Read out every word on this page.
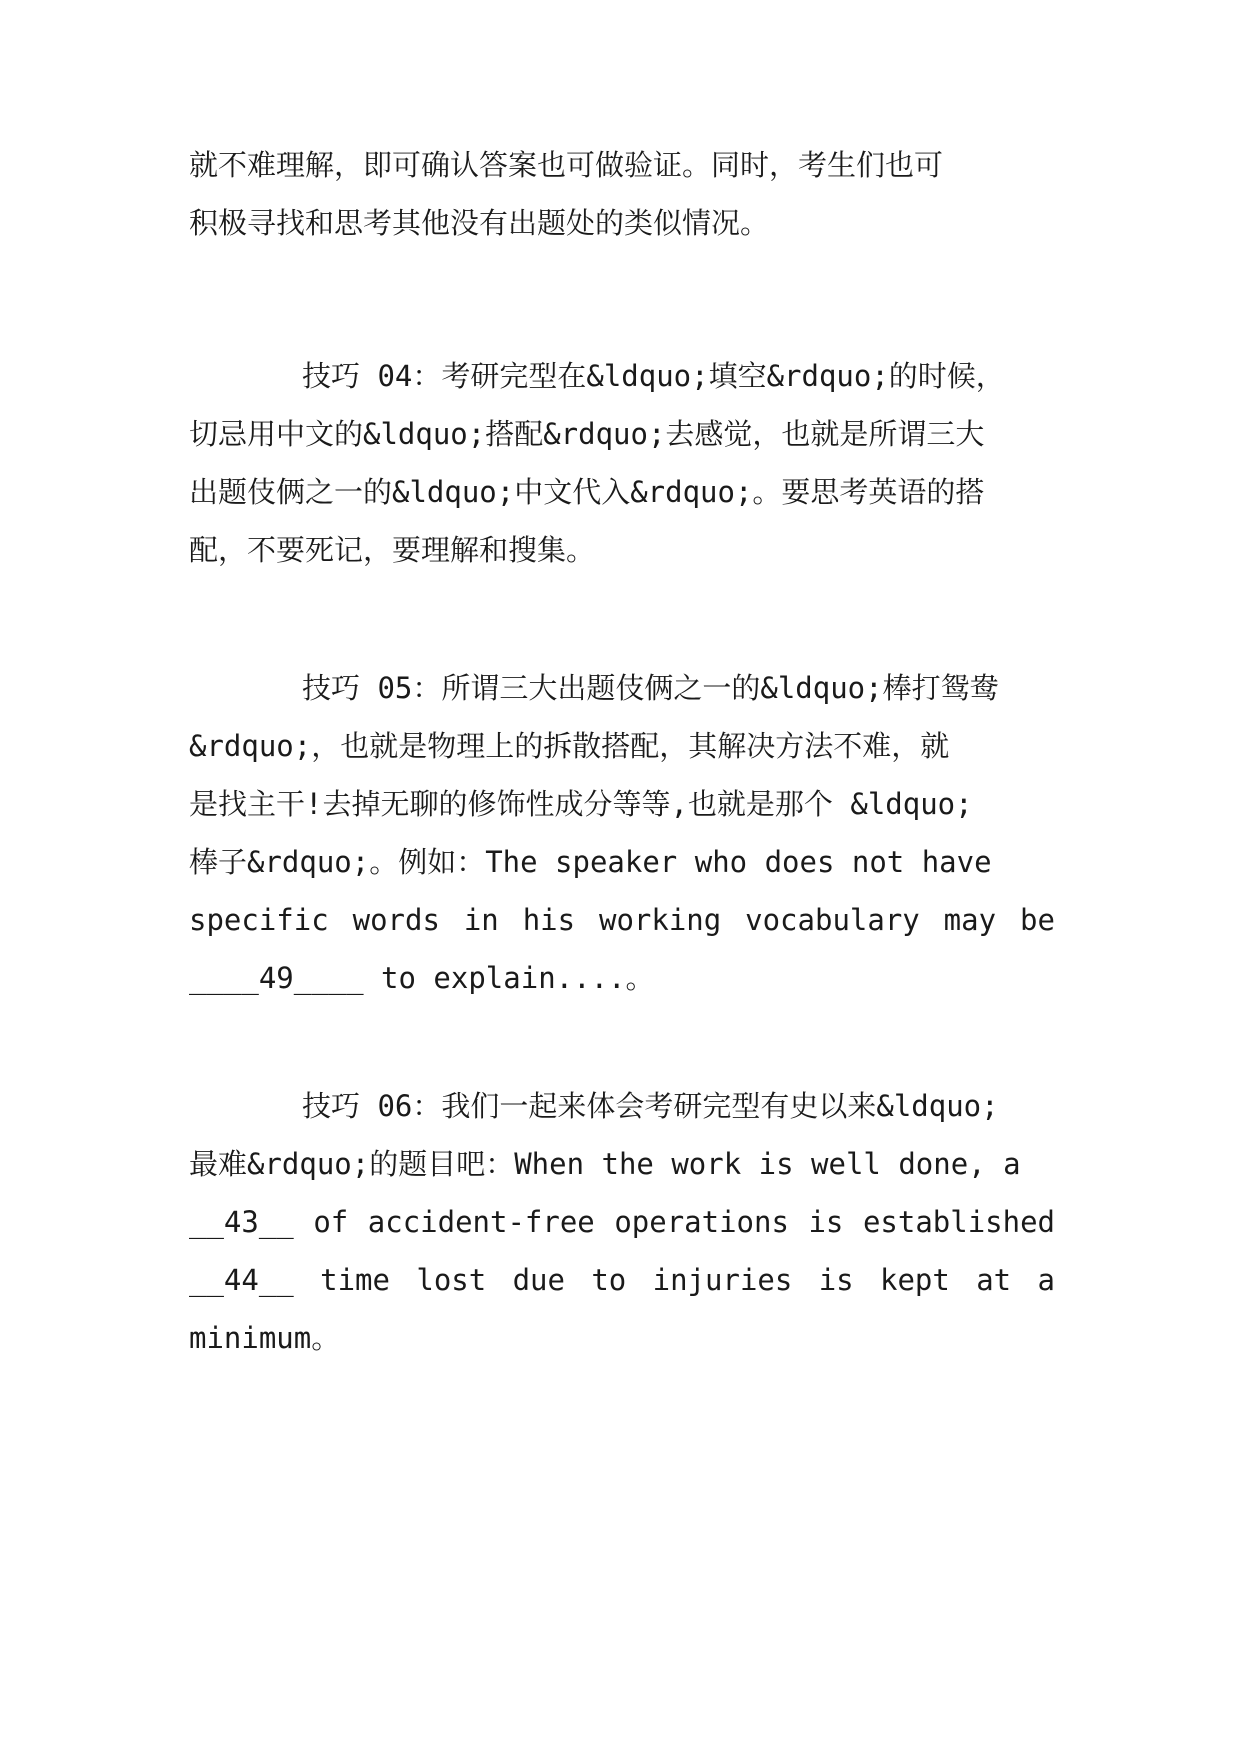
就不难理解，即可确认答案也可做验证。同时，考生们也可
积极寻找和思考其他没有出题处的类似情况。
技巧 04：考研完型在&ldquo;填空&rdquo;的时候，
切忌用中文的&ldquo;搭配&rdquo;去感觉，也就是所谓三大
出题伎俩之一的&ldquo;中文代入&rdquo;。要思考英语的搭
配，不要死记，要理解和搜集。
技巧 05：所谓三大出题伎俩之一的&ldquo;棒打鸳鸯
&rdquo;，也就是物理上的拆散搭配，其解决方法不难，就
是找主干!去掉无聊的修饰性成分等等,也就是那个 &ldquo;
棒子&rdquo;。例如：The speaker who does not have
specific words in his working vocabulary may be
____49____ to explain....。
技巧 06：我们一起来体会考研完型有史以来&ldquo;
最难&rdquo;的题目吧：When the work is well done, a
__43__ of accident-free operations is established
__44__ time lost due to injuries is kept at a
minimum。
